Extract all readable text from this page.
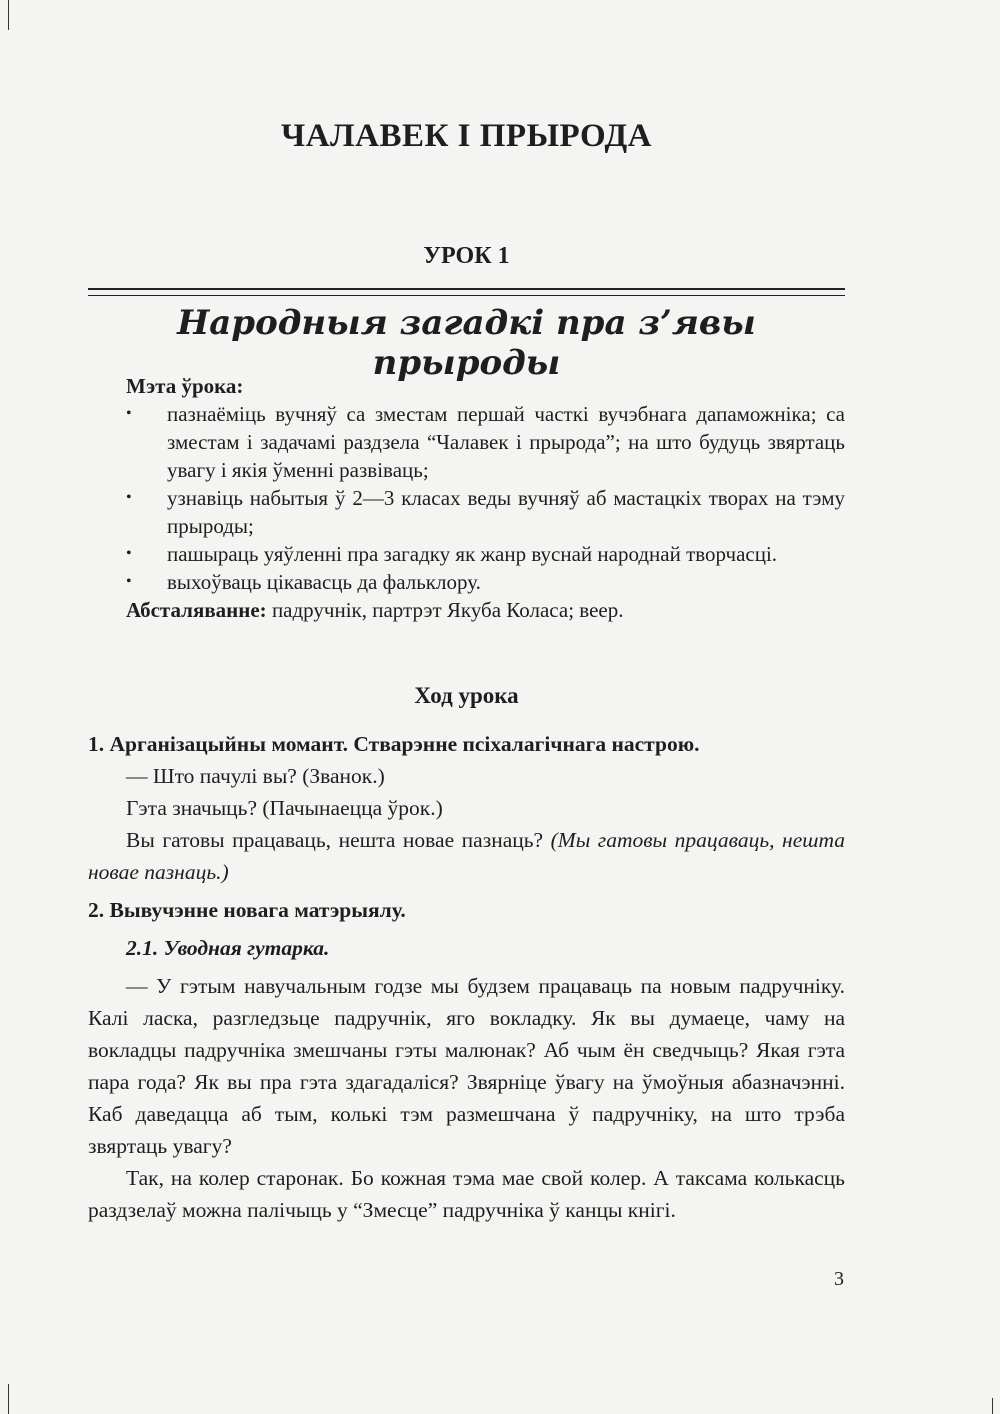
ЧАЛАВЕК І ПРЫРОДА
УРОК 1
Народныя загадкі пра з’явы прыроды
Мэта ўрока:
• пазнаёміць вучняў са зместам першай часткі вучэбнага дапаможніка; са зместам і задачамі раздзела “Чалавек і прырода”; на што будуць звяртаць увагу і якія ўменні развіваць;
• узнавіць набытыя ў 2—3 класах веды вучняў аб мастацкіх творах на тэму прыроды;
• пашыраць уяўленні пра загадку як жанр вуснай народнай творчасці.
• выхоўваць цікавасць да фальклору.
Абсталяванне: падручнік, партрэт Якуба Коласа; веер.
Ход урока

1. Арганізацыйны момант. Стварэнне псіхалагічнага настрою.

— Што пачулі вы? (Званок.)

Гэта значыць? (Пачынаецца ўрок.)

Вы гатовы працаваць, нешта новае пазнаць? (Мы гатовы працаваць, нешта новае пазнаць.)

2. Вывучэнне новага матэрыялу.

2.1. Уводная гутарка.

— У гэтым навучальным годзе мы будзем працаваць па новым падручніку. Калі ласка, разгледзьце падручнік, яго вокладку. Як вы думаеце, чаму на вокладцы падручніка змешчаны гэты малюнак? Аб чым ён сведчыць? Якая гэта пара года? Як вы пра гэта здагадаліся? Звярніце ўвагу на ўмоўныя абазначэнні. Каб даведацца аб тым, колькі тэм размешчана ў падручніку, на што трэба звяртаць увагу?

Так, на колер старонак. Бо кожная тэма мае свой колер. А таксама колькасць раздзелаў можна палічыць у “Змесце” падручніка ў канцы кнігі.

3
